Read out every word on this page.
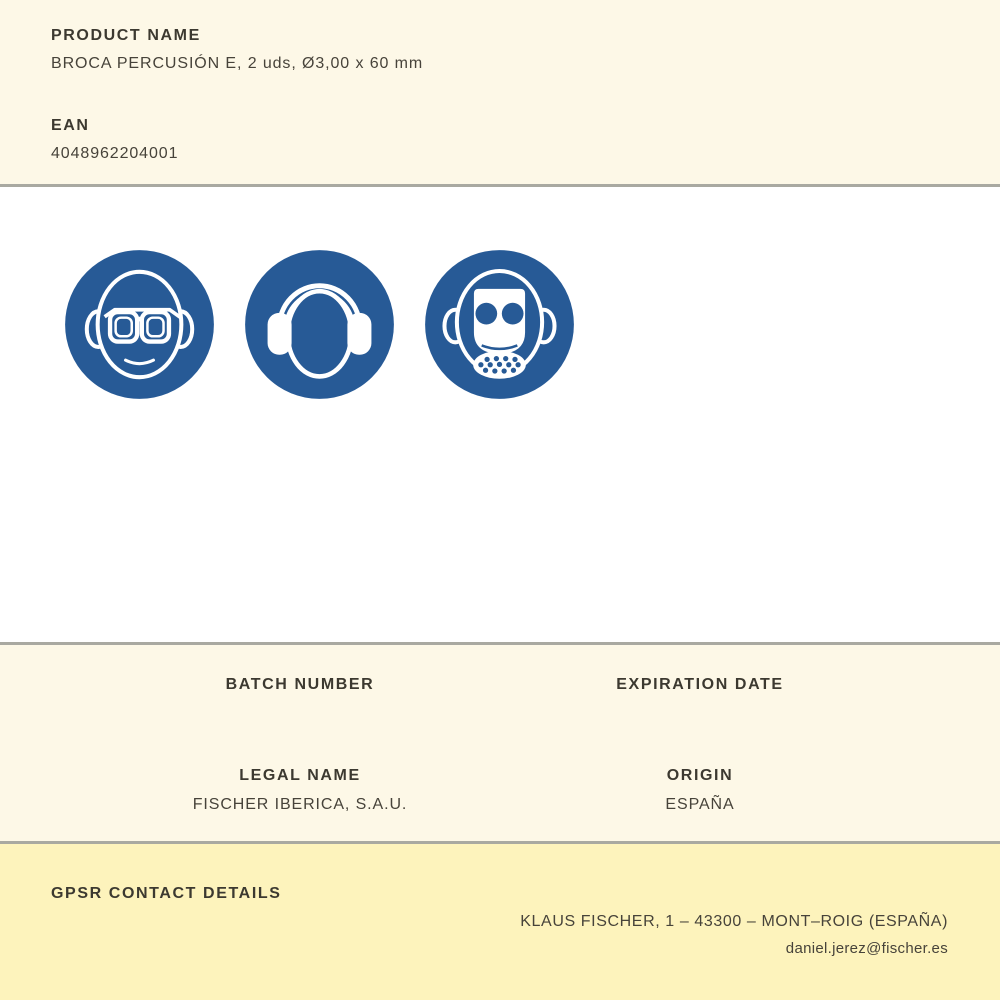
PRODUCT NAME
BROCA PERCUSIÓN E, 2 uds, Ø3,00 x 60 mm
EAN
4048962204001
BATCH NUMBER	EXPIRATION DATE
LEGAL NAME
FISCHER IBERICA, S.A.U.
ORIGIN
ESPAÑA
GPSR CONTACT DETAILS
KLAUS FISCHER, 1 – 43300 – MONT–ROIG (ESPAÑA)
daniel.jerez@fischer.es
